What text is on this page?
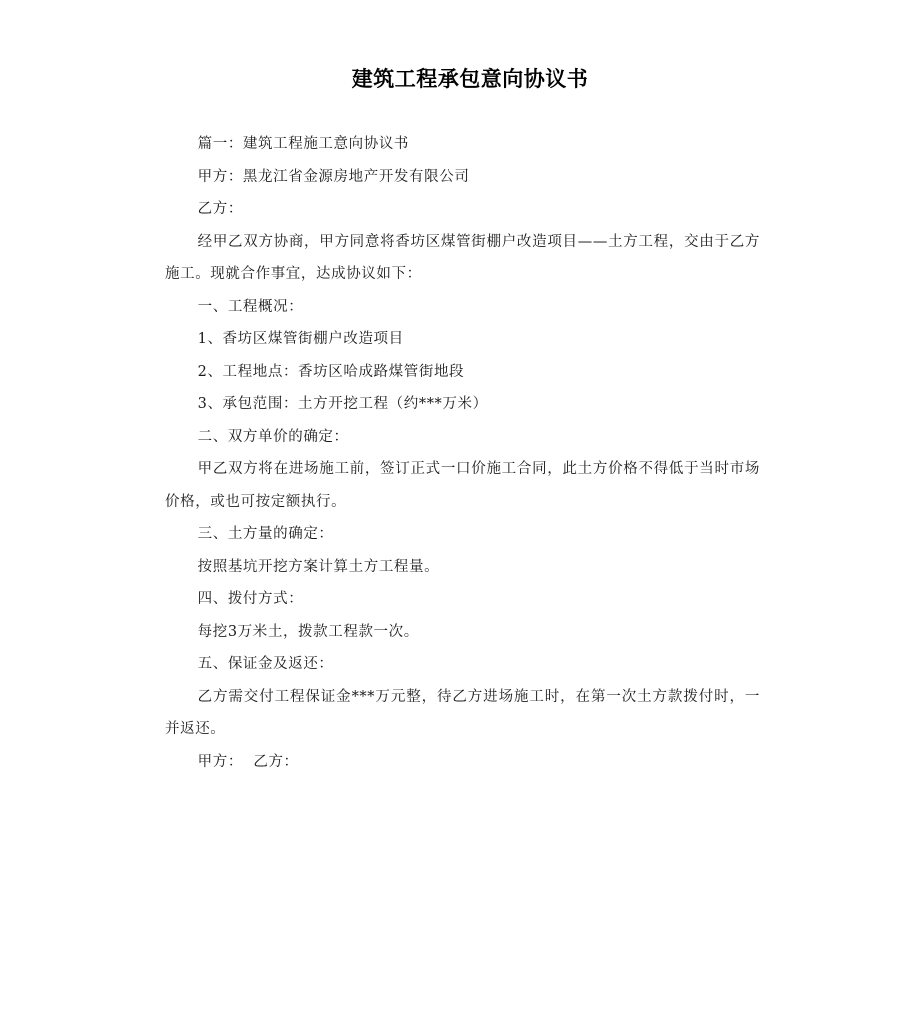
建筑工程承包意向协议书

篇一：建筑工程施工意向协议书

甲方：黑龙江省金源房地产开发有限公司

乙方：

经甲乙双方协商，甲方同意将香坊区煤管街棚户改造项目——土方工程，交由于乙方施工。现就合作事宜，达成协议如下：

一、工程概况：

1、香坊区煤管街棚户改造项目

2、工程地点：香坊区哈成路煤管街地段

3、承包范围：土方开挖工程（约***万米）

二、双方单价的确定：

甲乙双方将在进场施工前，签订正式一口价施工合同，此土方价格不得低于当时市场价格，或也可按定额执行。

三、土方量的确定：

按照基坑开挖方案计算土方工程量。

四、拨付方式：

每挖3万米土，拨款工程款一次。

五、保证金及返还：

乙方需交付工程保证金***万元整，待乙方进场施工时，在第一次土方款拨付时，一并返还。

甲方：  乙方：
